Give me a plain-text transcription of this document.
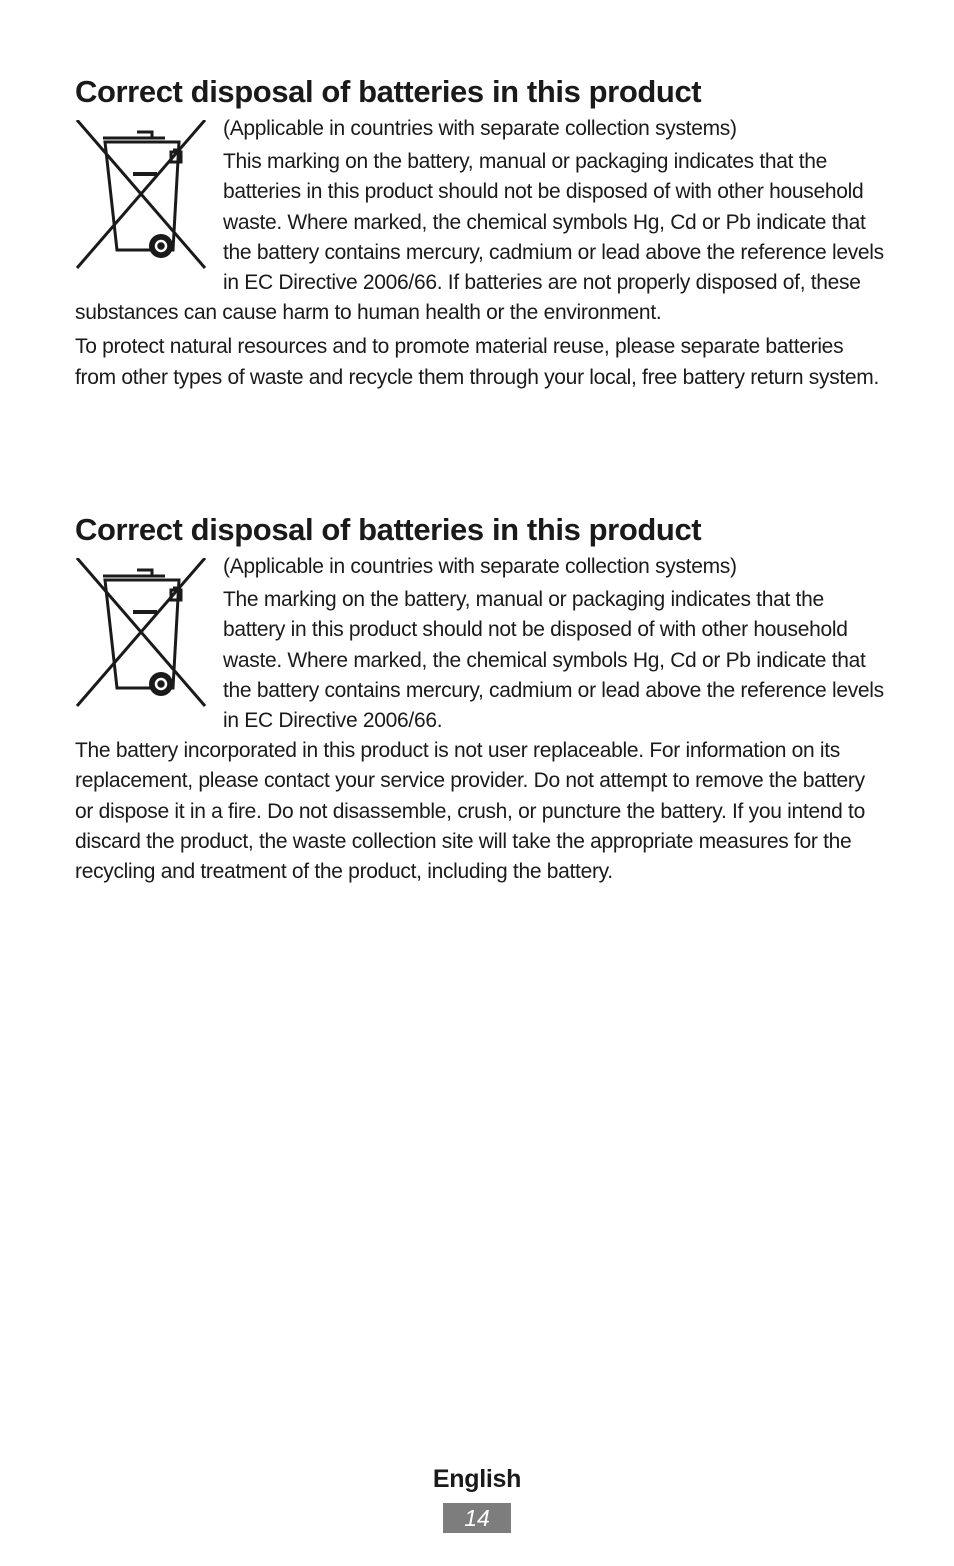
Correct disposal of batteries in this product

(Applicable in countries with separate collection systems)

This marking on the battery, manual or packaging indicates that the batteries in this product should not be disposed of with other household waste. Where marked, the chemical symbols Hg, Cd or Pb indicate that the battery contains mercury, cadmium or lead above the reference levels in EC Directive 2006/66. If batteries are not properly disposed of, these substances can cause harm to human health or the environment.

To protect natural resources and to promote material reuse, please separate batteries from other types of waste and recycle them through your local, free battery return system.

Correct disposal of batteries in this product

(Applicable in countries with separate collection systems)

The marking on the battery, manual or packaging indicates that the battery in this product should not be disposed of with other household waste. Where marked, the chemical symbols Hg, Cd or Pb indicate that the battery contains mercury, cadmium or lead above the reference levels in EC Directive 2006/66.

The battery incorporated in this product is not user replaceable. For information on its replacement, please contact your service provider. Do not attempt to remove the battery or dispose it in a fire. Do not disassemble, crush, or puncture the battery. If you intend to discard the product, the waste collection site will take the appropriate measures for the recycling and treatment of the product, including the battery.

English
14
